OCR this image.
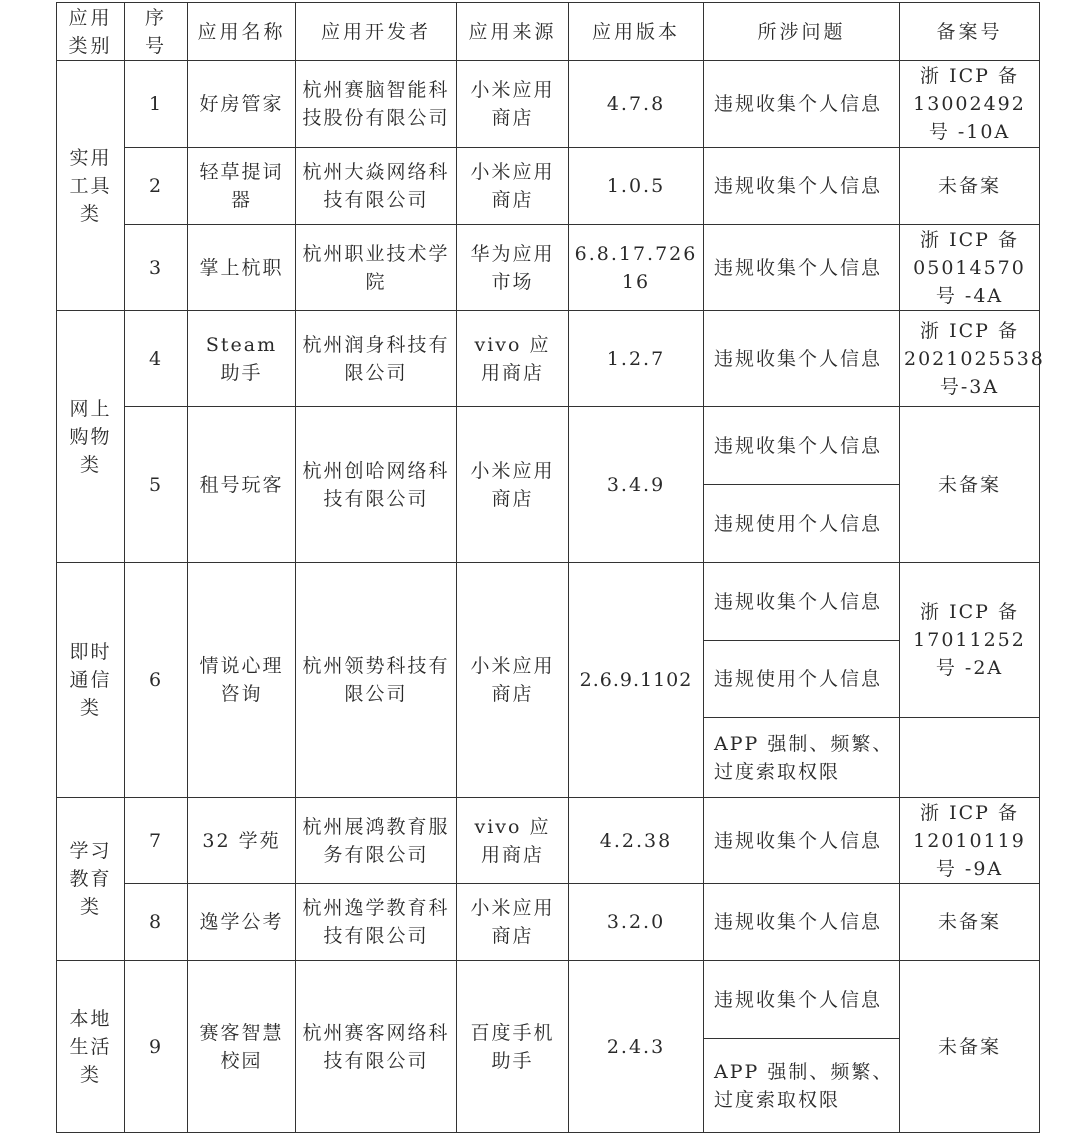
应用类别	序号	应用名称	应用开发者	应用来源	应用版本	所涉问题	备案号
实用工具类	1	好房管家	杭州赛脑智能科技股份有限公司	小米应用商店	4.7.8	违规收集个人信息	浙 ICP 备 13002492 号 -10A
	2	轻草提词器	杭州大焱网络科技有限公司	小米应用商店	1.0.5	违规收集个人信息	未备案
	3	掌上杭职	杭州职业技术学院	华为应用市场	6.8.17.72616	违规收集个人信息	浙 ICP 备 05014570 号 -4A
网上购物类	4	Steam 助手	杭州润身科技有限公司	vivo 应用商店	1.2.7	违规收集个人信息	浙 ICP 备 2021025538 号-3A
	5	租号玩客	杭州创哈网络科技有限公司	小米应用商店	3.4.9	违规收集个人信息	未备案
						违规使用个人信息	
即时通信类	6	情说心理咨询	杭州领势科技有限公司	小米应用商店	2.6.9.1102	违规收集个人信息	浙 ICP 备 17011252 号 -2A
						违规使用个人信息	
						APP 强制、频繁、过度索取权限	
学习教育类	7	32 学苑	杭州展鸿教育服务有限公司	vivo 应用商店	4.2.38	违规收集个人信息	浙 ICP 备 12010119 号 -9A
	8	逸学公考	杭州逸学教育科技有限公司	小米应用商店	3.2.0	违规收集个人信息	未备案
本地生活类	9	赛客智慧校园	杭州赛客网络科技有限公司	百度手机助手	2.4.3	违规收集个人信息	未备案
						APP 强制、频繁、过度索取权限	
